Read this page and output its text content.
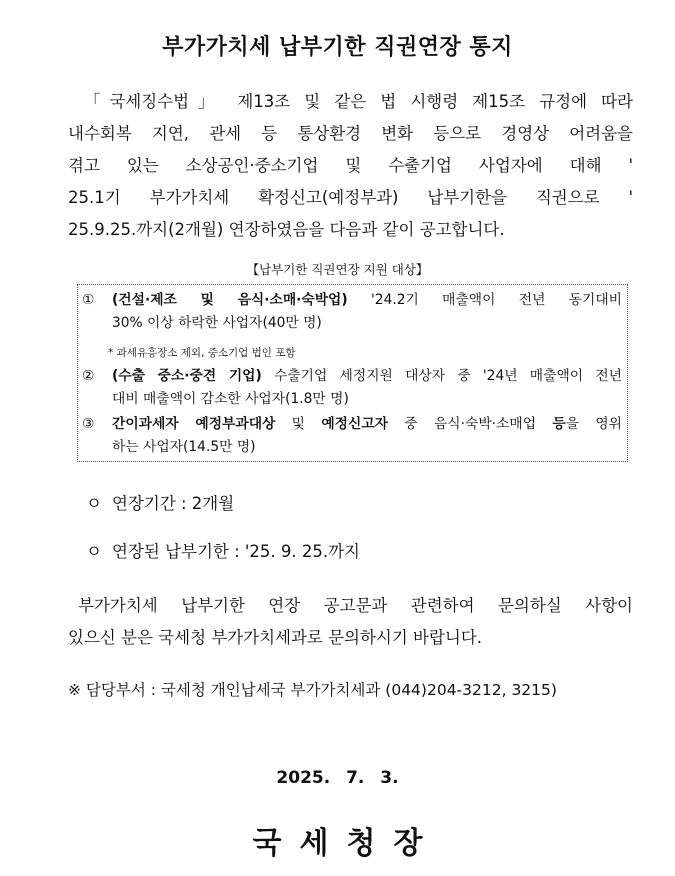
부가가치세 납부기한 직권연장 통지
「국세징수법」 제13조 및 같은 법 시행령 제15조 규정에 따라
내수회복 지연, 관세 등 통상환경 변화 등으로 경영상 어려움을
겪고 있는 소상공인·중소기업 및 수출기업 사업자에 대해 '
25.1기 부가가치세 확정신고(예정부과) 납부기한을 직권으로 '
25.9.25.까지(2개월) 연장하였음을 다음과 같이 공고합니다.
【납부기한 직권연장 지원 대상】
①	(건설·제조 및 음식·소매·숙박업) '24.2기 매출액이 전년 동기대비
30% 이상 하락한 사업자(40만 명)
* 과세유흥장소 제외, 중소기업 법인 포함
②	(수출 중소·중견 기업) 수출기업 세정지원 대상자 중 '24년 매출액이 전년
대비 매출액이 감소한 사업자(1.8만 명)
③	간이과세자 예정부과대상 및 예정신고자 중 음식·숙박·소매업 등을 영위
하는 사업자(14.5만 명)
ㅇ 연장기간 : 2개월
ㅇ 연장된 납부기한 : '25. 9. 25.까지
부가가치세 납부기한 연장 공고문과 관련하여 문의하실 사항이
있으신 분은 국세청 부가가치세과로 문의하시기 바랍니다.
※ 담당부서 : 국세청 개인납세국 부가가치세과 (044)204-3212, 3215)
2025. 7. 3.
국세청장
